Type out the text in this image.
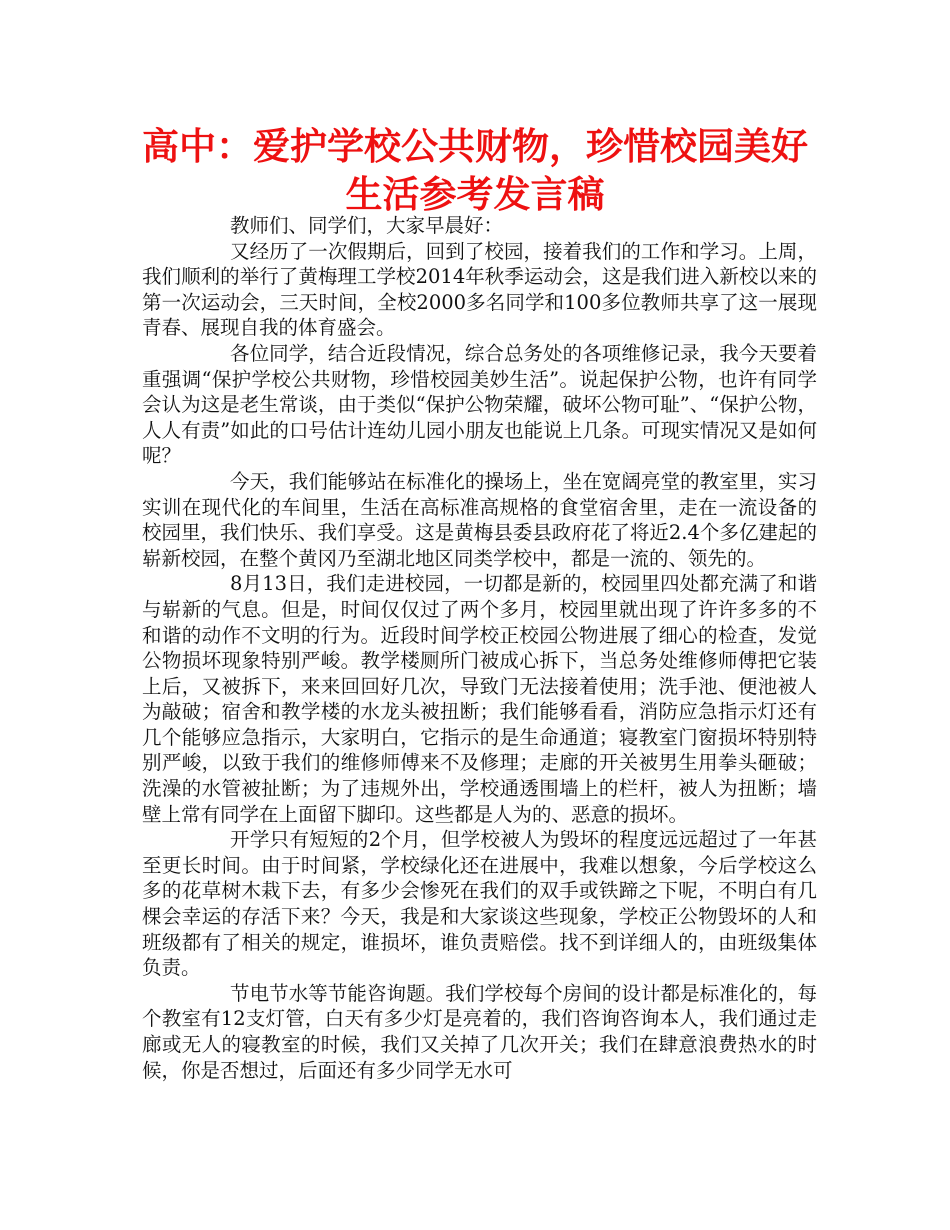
高中：爱护学校公共财物，珍惜校园美好
生活参考发言稿

教师们、同学们，大家早晨好：

又经历了一次假期后，回到了校园，接着我们的工作和学习。上周，我们顺利的举行了黄梅理工学校2014年秋季运动会，这是我们进入新校以来的第一次运动会，三天时间，全校2000多名同学和100多位教师共享了这一展现青春、展现自我的体育盛会。

各位同学，结合近段情况，综合总务处的各项维修记录，我今天要着重强调“保护学校公共财物，珍惜校园美妙生活”。说起保护公物，也许有同学会认为这是老生常谈，由于类似“保护公物荣耀，破坏公物可耻”、“保护公物，人人有责”如此的口号估计连幼儿园小朋友也能说上几条。可现实情况又是如何呢？

今天，我们能够站在标准化的操场上，坐在宽阔亮堂的教室里，实习实训在现代化的车间里，生活在高标准高规格的食堂宿舍里，走在一流设备的校园里，我们快乐、我们享受。这是黄梅县委县政府花了将近2.4个多亿建起的崭新校园，在整个黄冈乃至湖北地区同类学校中，都是一流的、领先的。

8月13日，我们走进校园，一切都是新的，校园里四处都充满了和谐与崭新的气息。但是，时间仅仅过了两个多月，校园里就出现了许许多多的不和谐的动作不文明的行为。近段时间学校正校园公物进展了细心的检查，发觉公物损坏现象特别严峻。教学楼厕所门被成心拆下，当总务处维修师傅把它装上后，又被拆下，来来回回好几次，导致门无法接着使用；洗手池、便池被人为敲破；宿舍和教学楼的水龙头被扭断；我们能够看看，消防应急指示灯还有几个能够应急指示，大家明白，它指示的是生命通道；寝教室门窗损坏特别特别严峻，以致于我们的维修师傅来不及修理；走廊的开关被男生用拳头砸破；洗澡的水管被扯断；为了违规外出，学校通透围墙上的栏杆，被人为扭断；墙壁上常有同学在上面留下脚印。这些都是人为的、恶意的损坏。

开学只有短短的2个月，但学校被人为毁坏的程度远远超过了一年甚至更长时间。由于时间紧，学校绿化还在进展中，我难以想象，今后学校这么多的花草树木栽下去，有多少会惨死在我们的双手或铁蹄之下呢，不明白有几棵会幸运的存活下来？今天，我是和大家谈这些现象，学校正公物毁坏的人和班级都有了相关的规定，谁损坏，谁负责赔偿。找不到详细人的，由班级集体负责。

节电节水等节能咨询题。我们学校每个房间的设计都是标准化的，每个教室有12支灯管，白天有多少灯是亮着的，我们咨询咨询本人，我们通过走廊或无人的寝教室的时候，我们又关掉了几次开关；我们在肆意浪费热水的时候，你是否想过，后面还有多少同学无水可
